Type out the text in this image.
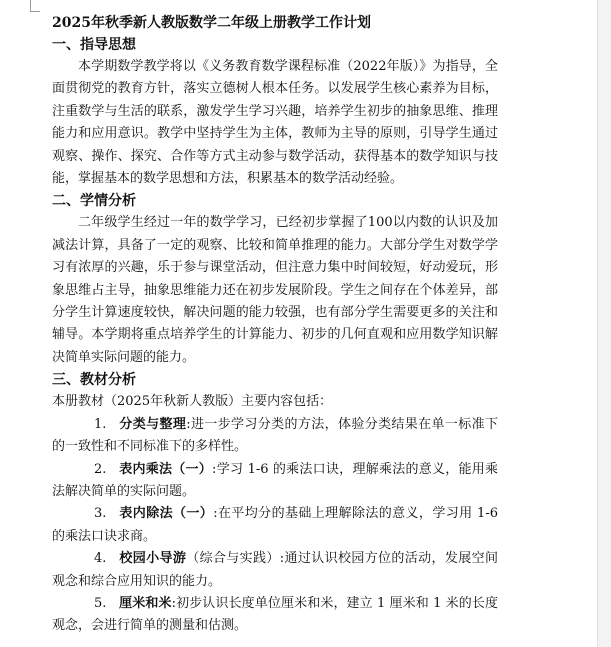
2025年秋季新人教版数学二年级上册教学工作计划
一、指导思想

本学期数学教学将以《义务教育数学课程标准（2022年版）》为指导，全面贯彻党的教育方针，落实立德树人根本任务。以发展学生核心素养为目标，注重数学与生活的联系，激发学生学习兴趣，培养学生初步的抽象思维、推理能力和应用意识。教学中坚持学生为主体，教师为主导的原则，引导学生通过观察、操作、探究、合作等方式主动参与数学活动，获得基本的数学知识与技能，掌握基本的数学思想和方法，积累基本的数学活动经验。

二、学情分析

二年级学生经过一年的数学学习，已经初步掌握了100以内数的认识及加减法计算，具备了一定的观察、比较和简单推理的能力。大部分学生对数学学习有浓厚的兴趣，乐于参与课堂活动，但注意力集中时间较短，好动爱玩，形象思维占主导，抽象思维能力还在初步发展阶段。学生之间存在个体差异，部分学生计算速度较快，解决问题的能力较强，也有部分学生需要更多的关注和辅导。本学期将重点培养学生的计算能力、初步的几何直观和应用数学知识解决简单实际问题的能力。

三、教材分析

本册教材（2025年秋新人教版）主要内容包括：

1. 分类与整理:进一步学习分类的方法，体验分类结果在单一标准下的一致性和不同标准下的多样性。

2. 表内乘法（一）:学习 1-6 的乘法口诀，理解乘法的意义，能用乘法解决简单的实际问题。

3. 表内除法（一）:在平均分的基础上理解除法的意义，学习用 1-6 的乘法口诀求商。

4. 校园小导游（综合与实践）:通过认识校园方位的活动，发展空间观念和综合应用知识的能力。

5. 厘米和米:初步认识长度单位厘米和米，建立 1 厘米和 1 米的长度观念，会进行简单的测量和估测。
